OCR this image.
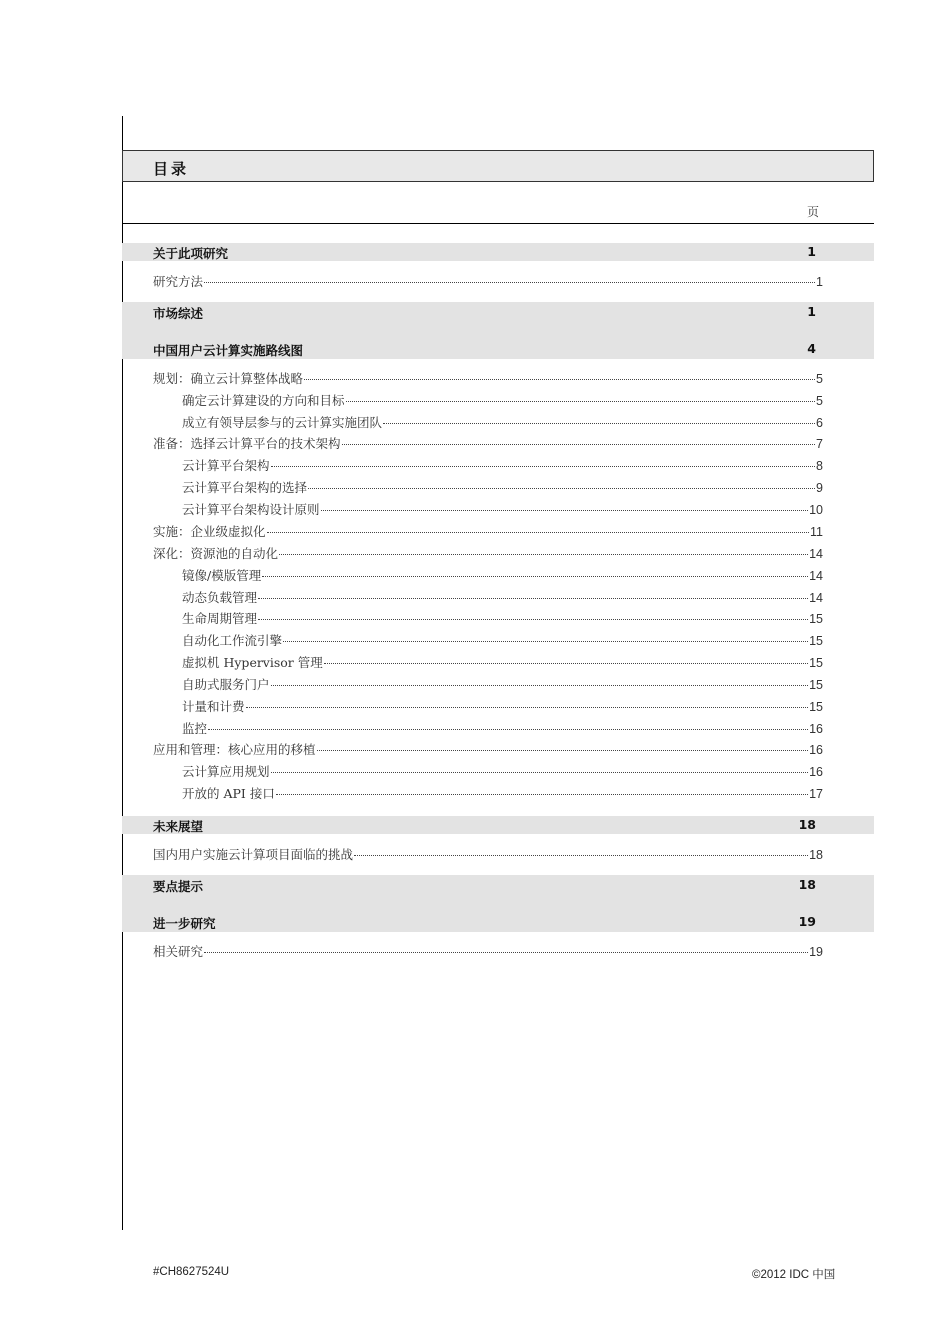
目录
页
关于此项研究	1
研究方法	1
市场综述	1
中国用户云计算实施路线图	4
规划：确立云计算整体战略	5
确定云计算建设的方向和目标	5
成立有领导层参与的云计算实施团队	6
准备：选择云计算平台的技术架构	7
云计算平台架构	8
云计算平台架构的选择	9
云计算平台架构设计原则	10
实施：企业级虚拟化	11
深化：资源池的自动化	14
镜像/模版管理	14
动态负载管理	14
生命周期管理	15
自动化工作流引擎	15
虚拟机 Hypervisor 管理	15
自助式服务门户	15
计量和计费	15
监控	16
应用和管理：核心应用的移植	16
云计算应用规划	16
开放的 API 接口	17
未来展望	18
国内用户实施云计算项目面临的挑战	18
要点提示	18
进一步研究	19
相关研究	19
#CH8627524U	©2012 IDC 中国
